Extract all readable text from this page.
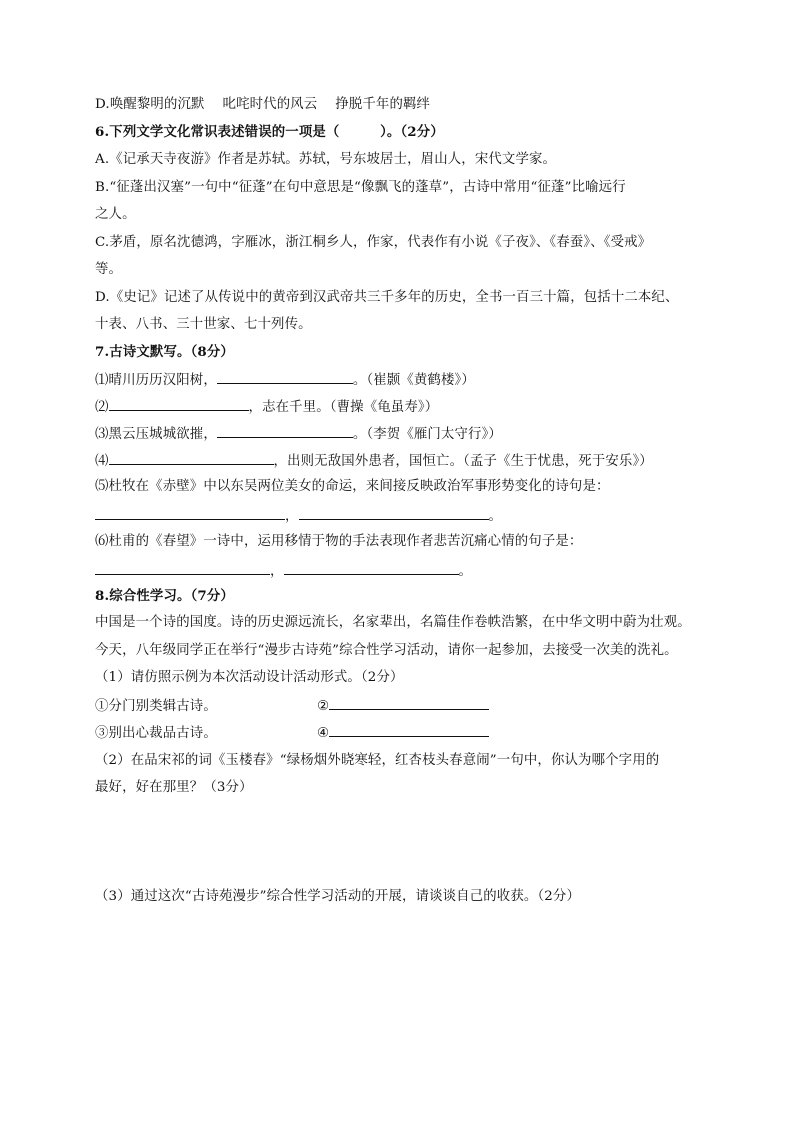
D.唤醒黎明的沉默　 叱咤时代的风云　 挣脱千年的羁绊
6.下列文学文化常识表述错误的一项是（　　　）。（2分）
A.《记承天寺夜游》作者是苏轼。苏轼，号东坡居士，眉山人，宋代文学家。
B.“征蓬出汉塞”一句中“征蓬”在句中意思是“像飘飞的蓬草”，古诗中常用“征蓬”比喻远行
之人。
C.茅盾，原名沈德鸿，字雁冰，浙江桐乡人，作家，代表作有小说《子夜》、《春蚕》、《受戒》
等。
D.《史记》记述了从传说中的黄帝到汉武帝共三千多年的历史，全书一百三十篇，包括十二本纪、
十表、八书、三十世家、七十列传。
7.古诗文默写。（8分）
⑴晴川历历汉阳树，	。（崔颢《黄鹤楼》）
⑵	，志在千里。（曹操《龟虽寿》）
⑶黑云压城城欲摧，	。（李贺《雁门太守行》）
⑷	，出则无敌国外患者，国恒亡。（孟子《生于忧患，死于安乐》）
⑸杜牧在《赤壁》中以东吴两位美女的命运，来间接反映政治军事形势变化的诗句是：
，	。
⑹杜甫的《春望》一诗中，运用移情于物的手法表现作者悲苦沉痛心情的句子是：
，	。
8.综合性学习。（7分）
中国是一个诗的国度。诗的历史源远流长，名家辈出，名篇佳作卷帙浩繁，在中华文明中蔚为壮观。
今天，八年级同学正在举行“漫步古诗苑”综合性学习活动，请你一起参加，去接受一次美的洗礼。
（1）请仿照示例为本次活动设计活动形式。（2分）
①分门别类辑古诗。	②
③别出心裁品古诗。	④
（2）在品宋祁的词《玉楼春》“绿杨烟外晓寒轻，红杏枝头春意闹”一句中，你认为哪个字用的
最好，好在那里？（3分）
（3）通过这次“古诗苑漫步”综合性学习活动的开展，请谈谈自己的收获。（2分）
